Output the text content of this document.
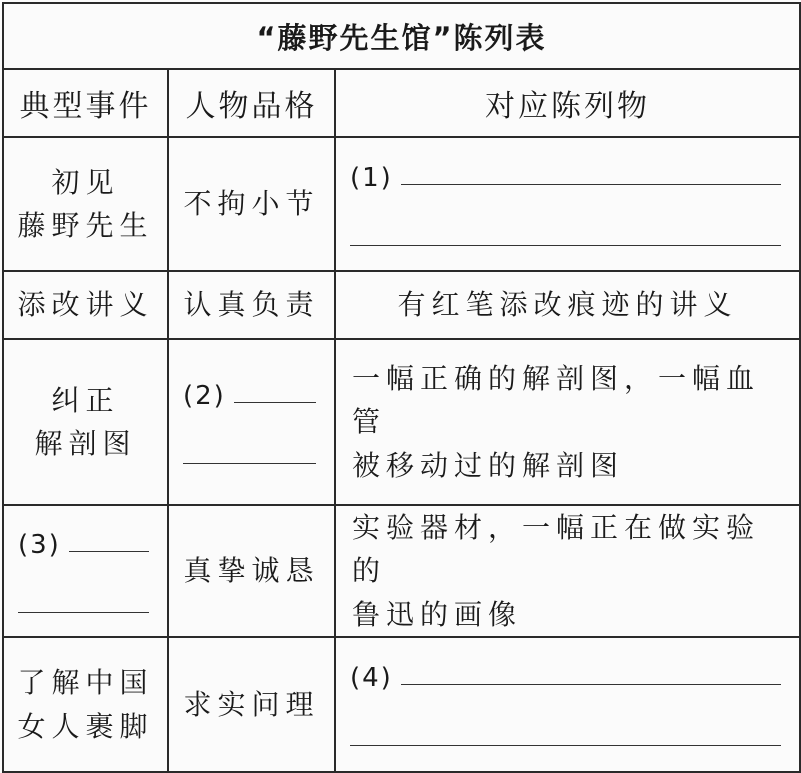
“藤野先生馆”陈列表		
典型事件	人物品格	对应陈列物

初见
藤野先生	不拘小节	(1)

添改讲义	认真负责	有红笔添改痕迹的讲义

纠正
解剖图	(2)	一幅正确的解剖图，一幅血管
被移动过的解剖图

(3)	真挚诚恳	实验器材，一幅正在做实验的
鲁迅的画像

了解中国
女人裹脚	求实问理	(4)
